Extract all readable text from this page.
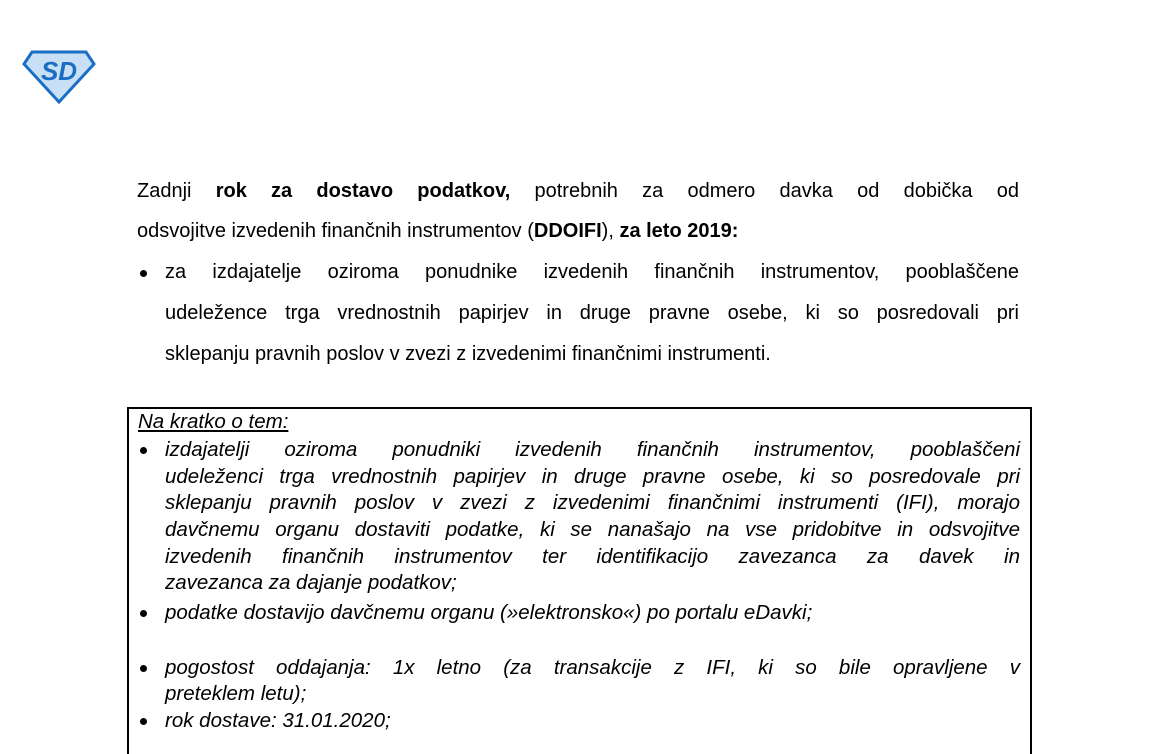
SD
Zadnji rok za dostavo podatkov, potrebnih za odmero davka od dobička od
odsvojitve izvedenih finančnih instrumentov (DDOIFI), za leto 2019:
za izdajatelje oziroma ponudnike izvedenih finančnih instrumentov, pooblaščene
udeležence trga vrednostnih papirjev in druge pravne osebe, ki so posredovali pri
sklepanju pravnih poslov v zvezi z izvedenimi finančnimi instrumenti.
Na kratko o tem:
izdajatelji oziroma ponudniki izvedenih finančnih instrumentov, pooblaščeni
udeleženci trga vrednostnih papirjev in druge pravne osebe, ki so posredovale pri
sklepanju pravnih poslov v zvezi z izvedenimi finančnimi instrumenti (IFI), morajo
davčnemu organu dostaviti podatke, ki se nanašajo na vse pridobitve in odsvojitve
izvedenih finančnih instrumentov ter identifikacijo zavezanca za davek in
zavezanca za dajanje podatkov;
podatke dostavijo davčnemu organu (»elektronsko«) po portalu eDavki;
pogostost oddajanja: 1x letno (za transakcije z IFI, ki so bile opravljene v
preteklem letu);
rok dostave: 31.01.2020;
